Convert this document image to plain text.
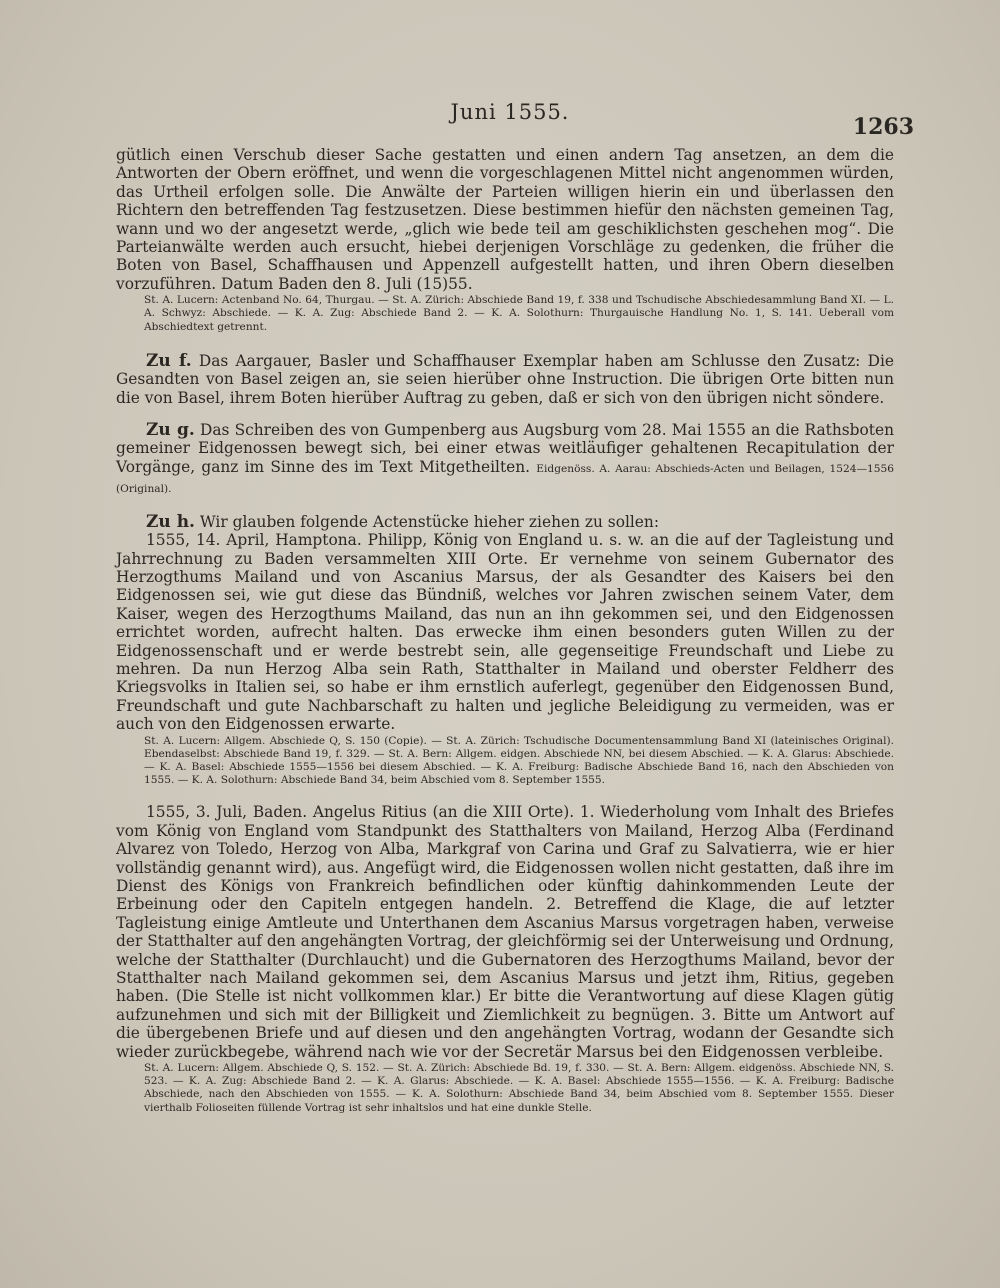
Juni 1555.
1263

gütlich einen Verschub dieser Sache gestatten und einen andern Tag ansetzen, an dem die Antworten der Obern eröffnet, und wenn die vorgeschlagenen Mittel nicht angenommen würden, das Urtheil erfolgen solle. Die Anwälte der Parteien willigen hierin ein und überlassen den Richtern den betreffenden Tag festzusetzen. Diese bestimmen hiefür den nächsten gemeinen Tag, wann und wo der angesetzt werde, „glich wie bede teil am geschiklichsten geschehen mog“. Die Parteianwälte werden auch ersucht, hiebei derjenigen Vorschläge zu gedenken, die früher die Boten von Basel, Schaffhausen und Appenzell aufgestellt hatten, und ihren Obern dieselben vorzuführen. Datum Baden den 8. Juli (15)55.

St. A. Lucern: Actenband No. 64, Thurgau. — St. A. Zürich: Abschiede Band 19, f. 338 und Tschudische Abschiedesammlung Band XI. — L. A. Schwyz: Abschiede. — K. A. Zug: Abschiede Band 2. — K. A. Solothurn: Thurgauische Handlung No. 1, S. 141. Ueberall vom Abschiedtext getrennt.

Zu f. Das Aargauer, Basler und Schaffhauser Exemplar haben am Schlusse den Zusatz: Die Gesandten von Basel zeigen an, sie seien hierüber ohne Instruction. Die übrigen Orte bitten nun die von Basel, ihrem Boten hierüber Auftrag zu geben, daß er sich von den übrigen nicht söndere.

Zu g. Das Schreiben des von Gumpenberg aus Augsburg vom 28. Mai 1555 an die Rathsboten gemeiner Eidgenossen bewegt sich, bei einer etwas weitläufiger gehaltenen Recapitulation der Vorgänge, ganz im Sinne des im Text Mitgetheilten. Eidgenöss. A. Aarau: Abschieds-Acten und Beilagen, 1524—1556 (Original).

Zu h. Wir glauben folgende Actenstücke hieher ziehen zu sollen:

1555, 14. April, Hamptona. Philipp, König von England u. s. w. an die auf der Tagleistung und Jahrrechnung zu Baden versammelten XIII Orte. Er vernehme von seinem Gubernator des Herzogthums Mailand und von Ascanius Marsus, der als Gesandter des Kaisers bei den Eidgenossen sei, wie gut diese das Bündniß, welches vor Jahren zwischen seinem Vater, dem Kaiser, wegen des Herzogthums Mailand, das nun an ihn gekommen sei, und den Eidgenossen errichtet worden, aufrecht halten. Das erwecke ihm einen besonders guten Willen zu der Eidgenossenschaft und er werde bestrebt sein, alle gegenseitige Freundschaft und Liebe zu mehren. Da nun Herzog Alba sein Rath, Statthalter in Mailand und oberster Feldherr des Kriegsvolks in Italien sei, so habe er ihm ernstlich auferlegt, gegenüber den Eidgenossen Bund, Freundschaft und gute Nachbarschaft zu halten und jegliche Beleidigung zu vermeiden, was er auch von den Eidgenossen erwarte.

St. A. Lucern: Allgem. Abschiede Q, S. 150 (Copie). — St. A. Zürich: Tschudische Documentensammlung Band XI (lateinisches Original). Ebendaselbst: Abschiede Band 19, f. 329. — St. A. Bern: Allgem. eidgen. Abschiede NN, bei diesem Abschied. — K. A. Glarus: Abschiede. — K. A. Basel: Abschiede 1555—1556 bei diesem Abschied. — K. A. Freiburg: Badische Abschiede Band 16, nach den Abschieden von 1555. — K. A. Solothurn: Abschiede Band 34, beim Abschied vom 8. September 1555.

1555, 3. Juli, Baden. Angelus Ritius (an die XIII Orte). 1. Wiederholung vom Inhalt des Briefes vom König von England vom Standpunkt des Statthalters von Mailand, Herzog Alba (Ferdinand Alvarez von Toledo, Herzog von Alba, Markgraf von Carina und Graf zu Salvatierra, wie er hier vollständig genannt wird), aus. Angefügt wird, die Eidgenossen wollen nicht gestatten, daß ihre im Dienst des Königs von Frankreich befindlichen oder künftig dahinkommenden Leute der Erbeinung oder den Capiteln entgegen handeln. 2. Betreffend die Klage, die auf letzter Tagleistung einige Amtleute und Unterthanen dem Ascanius Marsus vorgetragen haben, verweise der Statthalter auf den angehängten Vortrag, der gleichförmig sei der Unterweisung und Ordnung, welche der Statthalter (Durchlaucht) und die Gubernatoren des Herzogthums Mailand, bevor der Statthalter nach Mailand gekommen sei, dem Ascanius Marsus und jetzt ihm, Ritius, gegeben haben. (Die Stelle ist nicht vollkommen klar.) Er bitte die Verantwortung auf diese Klagen gütig aufzunehmen und sich mit der Billigkeit und Ziemlichkeit zu begnügen. 3. Bitte um Antwort auf die übergebenen Briefe und auf diesen und den angehängten Vortrag, wodann der Gesandte sich wieder zurückbegebe, während nach wie vor der Secretär Marsus bei den Eidgenossen verbleibe.

St. A. Lucern: Allgem. Abschiede Q, S. 152. — St. A. Zürich: Abschiede Bd. 19, f. 330. — St. A. Bern: Allgem. eidgenöss. Abschiede NN, S. 523. — K. A. Zug: Abschiede Band 2. — K. A. Glarus: Abschiede. — K. A. Basel: Abschiede 1555—1556. — K. A. Freiburg: Badische Abschiede, nach den Abschieden von 1555. — K. A. Solothurn: Abschiede Band 34, beim Abschied vom 8. September 1555. Dieser vierthalb Folioseiten füllende Vortrag ist sehr inhaltslos und hat eine dunkle Stelle.
